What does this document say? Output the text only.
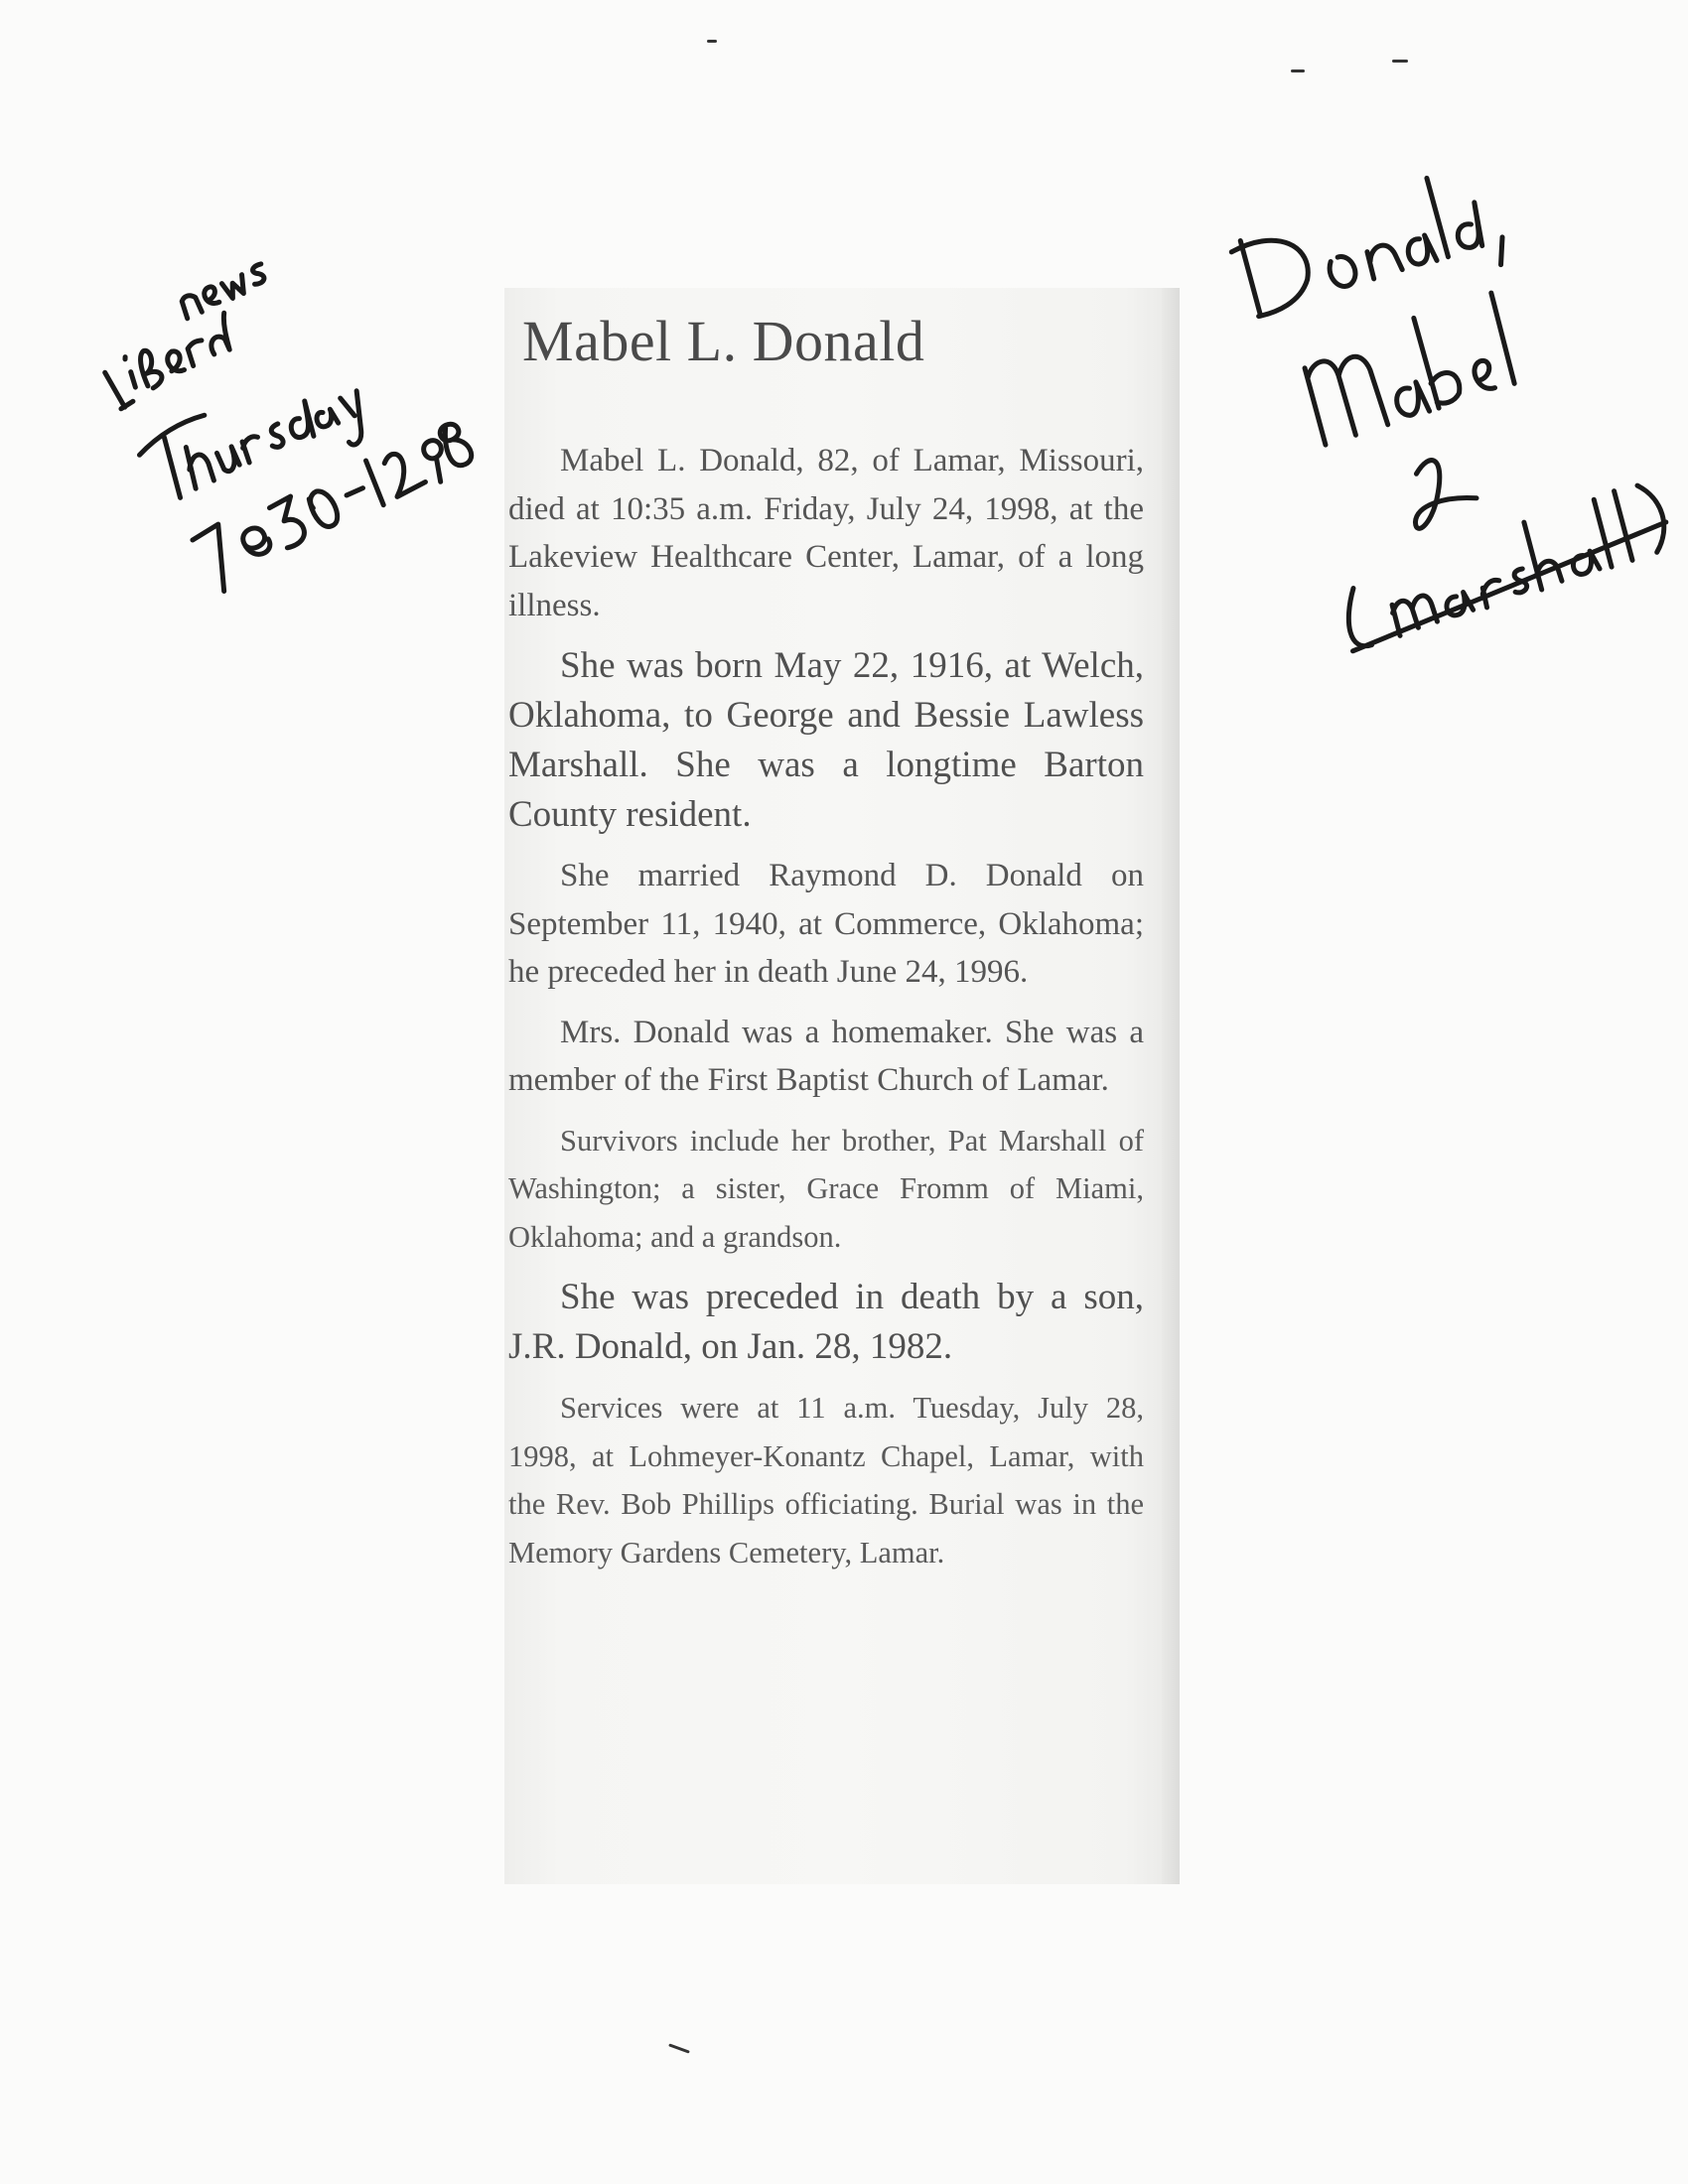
Mabel L. Donald

Mabel L. Donald, 82, of Lamar, Missouri, died at 10:35 a.m. Friday, July 24, 1998, at the Lakeview Healthcare Center, Lamar, of a long illness.

She was born May 22, 1916, at Welch, Oklahoma, to George and Bessie Lawless Marshall. She was a longtime Barton County resident.

She married Raymond D. Donald on September 11, 1940, at Commerce, Oklahoma; he preceded her in death June 24, 1996.

Mrs. Donald was a homemaker. She was a member of the First Baptist Church of Lamar.

Survivors include her brother, Pat Marshall of Washington; a sister, Grace Fromm of Miami, Oklahoma; and a grandson.

She was preceded in death by a son, J.R. Donald, on Jan. 28, 1982.

Services were at 11 a.m. Tuesday, July 28, 1998, at Lohmeyer-Konantz Chapel, Lamar, with the Rev. Bob Phillips officiating. Burial was in the Memory Gardens Cemetery, Lamar.
